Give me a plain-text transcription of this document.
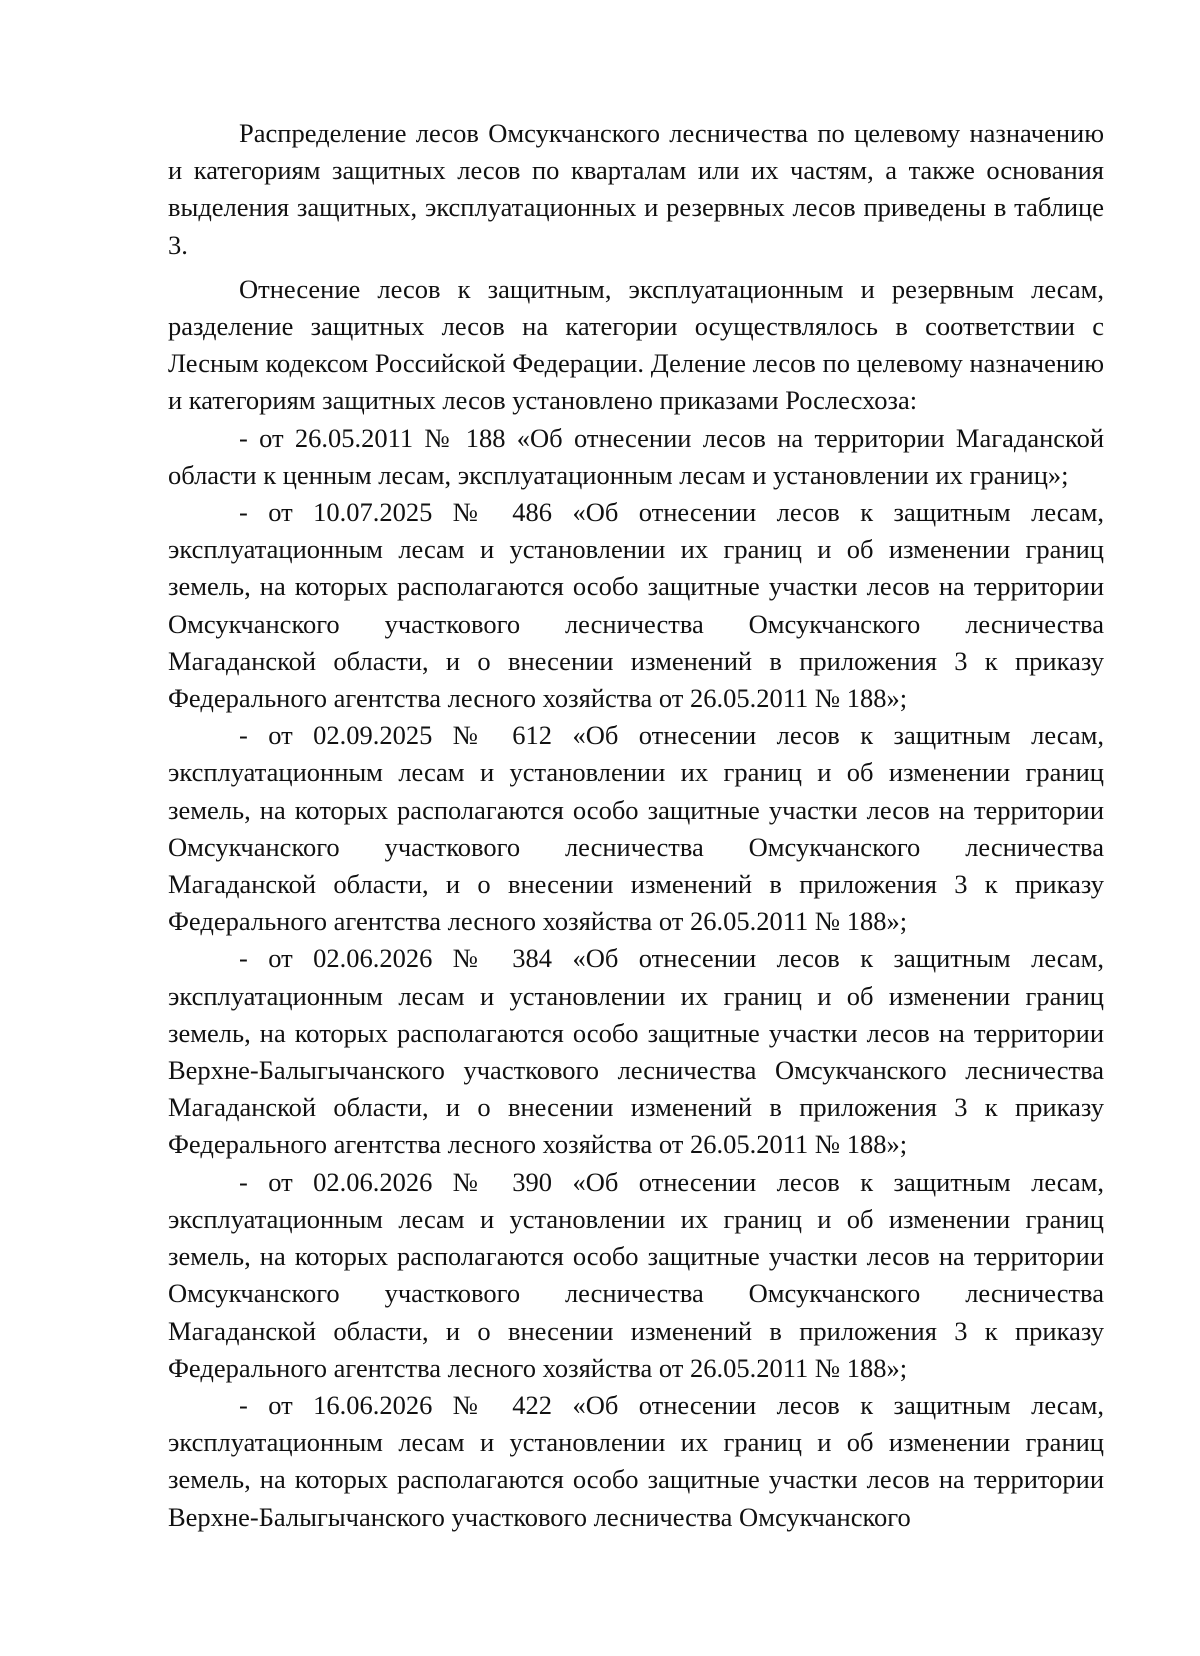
Распределение лесов Омсукчанского лесничества по целевому назначению и категориям защитных лесов по кварталам или их частям, а также основания выделения защитных, эксплуатационных и резервных лесов приведены в таблице 3.

Отнесение лесов к защитным, эксплуатационным и резервным лесам, разделение защитных лесов на категории осуществлялось в соответствии с Лесным кодексом Российской Федерации. Деление лесов по целевому назначению и категориям защитных лесов установлено приказами Рослесхоза:

- от 26.05.2011 № 188 «Об отнесении лесов на территории Магаданской области к ценным лесам, эксплуатационным лесам и установлении их границ»;

- от 10.07.2025 № 486 «Об отнесении лесов к защитным лесам, эксплуатационным лесам и установлении их границ и об изменении границ земель, на которых располагаются особо защитные участки лесов на территории Омсукчанского участкового лесничества Омсукчанского лесничества Магаданской области, и о внесении изменений в приложения 3 к приказу Федерального агентства лесного хозяйства от 26.05.2011 № 188»;

- от 02.09.2025 № 612 «Об отнесении лесов к защитным лесам, эксплуатационным лесам и установлении их границ и об изменении границ земель, на которых располагаются особо защитные участки лесов на территории Омсукчанского участкового лесничества Омсукчанского лесничества Магаданской области, и о внесении изменений в приложения 3 к приказу Федерального агентства лесного хозяйства от 26.05.2011 № 188»;

- от 02.06.2026 № 384 «Об отнесении лесов к защитным лесам, эксплуатационным лесам и установлении их границ и об изменении границ земель, на которых располагаются особо защитные участки лесов на территории Верхне-Балыгычанского участкового лесничества Омсукчанского лесничества Магаданской области, и о внесении изменений в приложения 3 к приказу Федерального агентства лесного хозяйства от 26.05.2011 № 188»;

- от 02.06.2026 № 390 «Об отнесении лесов к защитным лесам, эксплуатационным лесам и установлении их границ и об изменении границ земель, на которых располагаются особо защитные участки лесов на территории Омсукчанского участкового лесничества Омсукчанского лесничества Магаданской области, и о внесении изменений в приложения 3 к приказу Федерального агентства лесного хозяйства от 26.05.2011 № 188»;

- от 16.06.2026 № 422 «Об отнесении лесов к защитным лесам, эксплуатационным лесам и установлении их границ и об изменении границ земель, на которых располагаются особо защитные участки лесов на территории Верхне-Балыгычанского участкового лесничества Омсукчанского
